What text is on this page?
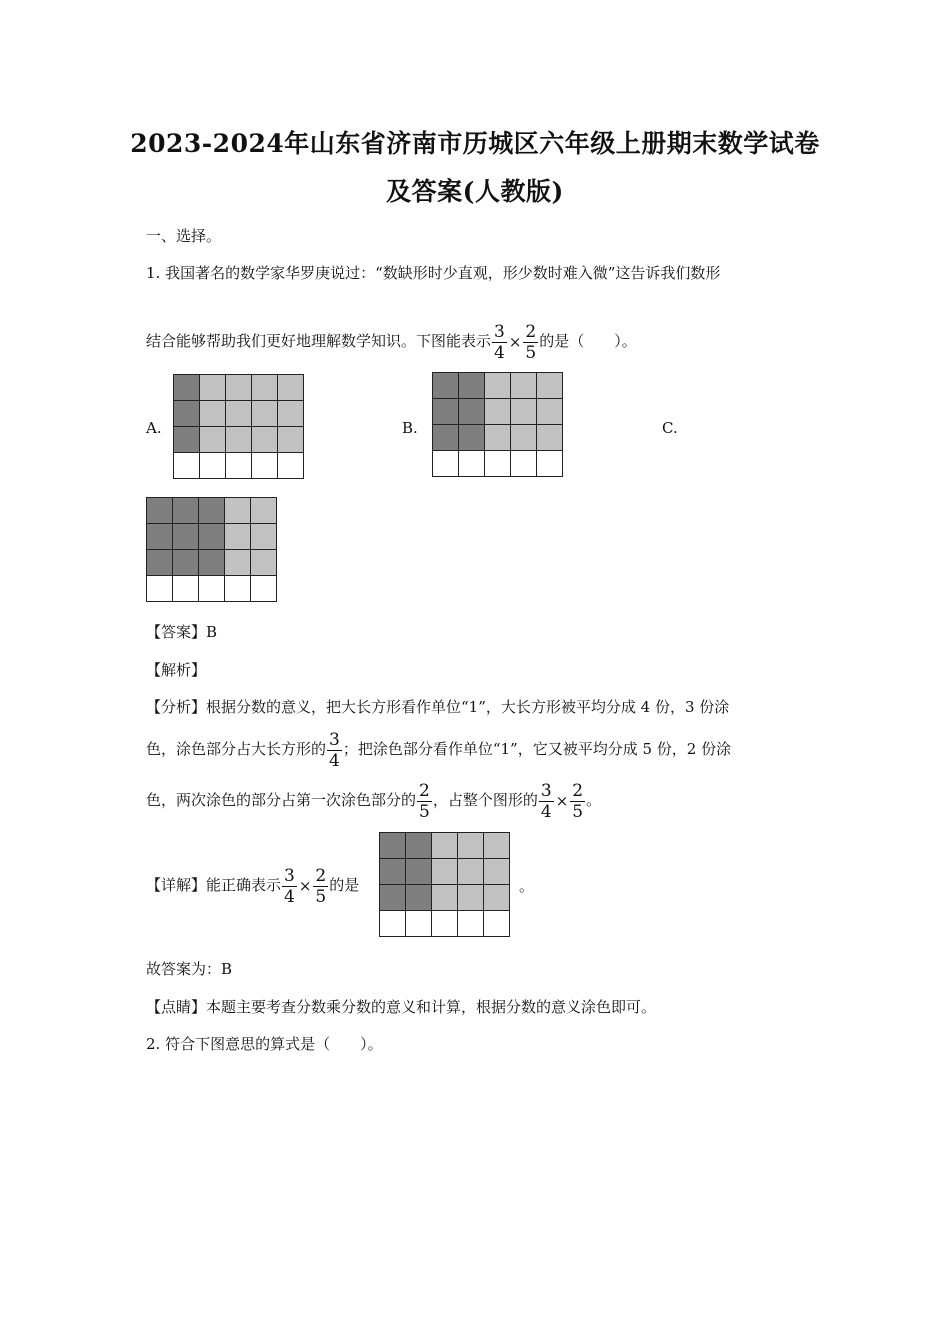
2023-2024年山东省济南市历城区六年级上册期末数学试卷
及答案(人教版)
一、选择。
1. 我国著名的数学家华罗庚说过：“数缺形时少直观，形少数时难入微”这告诉我们数形
结合能够帮助我们更好地理解数学知识。下图能表示 $\frac{3}{4} \times \frac{2}{5}$ 的是（　　）。
A.

					B.

					C.

【答案】B
【解析】
【分析】根据分数的意义，把大长方形看作单位“1”，大长方形被平均分成 4 份，3 份涂
色，涂色部分占大长方形的 $\frac{3}{4}$ ；把涂色部分看作单位“1”，它又被平均分成 5 份，2 份涂
色，两次涂色的部分占第一次涂色部分的 $\frac{2}{5}$ ，占整个图形的 $\frac{3}{4} \times \frac{2}{5}$ 。
【详解】能正确表示 $\frac{3}{4} \times \frac{2}{5}$ 的是

					。
故答案为：B
【点睛】本题主要考查分数乘分数的意义和计算，根据分数的意义涂色即可。
2. 符合下图意思的算式是（　　）。
